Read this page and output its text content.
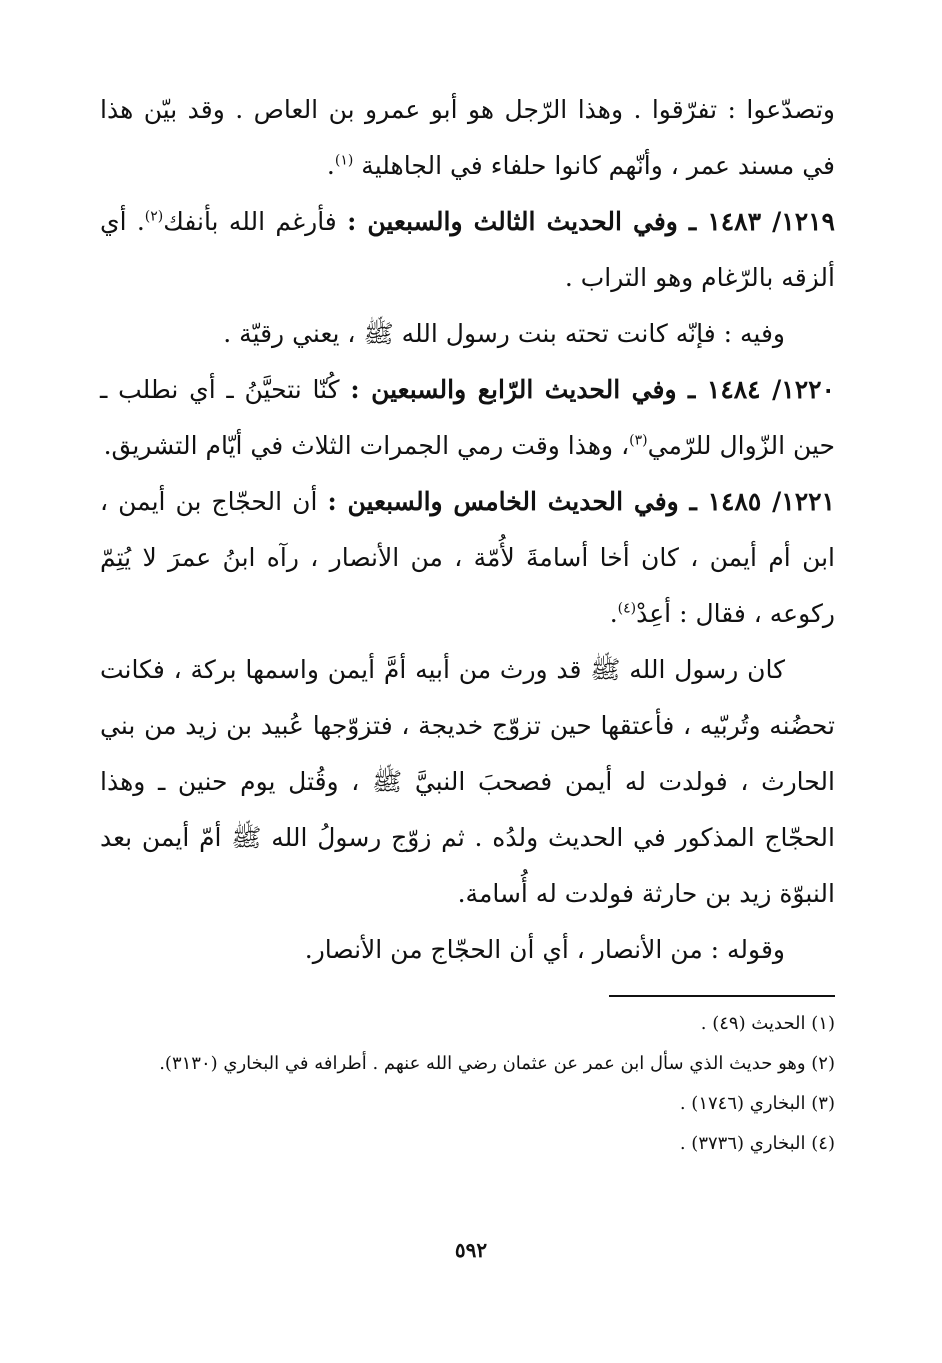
وتصدّعوا : تفرّقوا . وهذا الرّجل هو أبو عمرو بن العاص . وقد بيّن هذا في مسند عمر ، وأنّهم كانوا حلفاء في الجاهلية $^{(١)}$.

١٢١٩/ ١٤٨٣ ـ وفي الحديث الثالث والسبعين : فأرغم الله بأنفك$^{(٢)}$. أي ألزقه بالرّغام وهو التراب .

وفيه : فإنّه كانت تحته بنت رسول الله ﷺ ، يعني رقيّة .

١٢٢٠/ ١٤٨٤ ـ وفي الحديث الرّابع والسبعين : كُنّا نتحيَّنُ ـ أي نطلب ـ حين الزّوال للرّمي$^{(٣)}$، وهذا وقت رمي الجمرات الثلاث في أيّام التشريق.

١٢٢١/ ١٤٨٥ ـ وفي الحديث الخامس والسبعين : أن الحجّاج بن أيمن ، ابن أم أيمن ، كان أخا أسامةَ لأُمّة ، من الأنصار ، رآه ابنُ عمرَ لا يُتِمّ ركوعه ، فقال : أعِدْ$^{(٤)}$.

كان رسول الله ﷺ قد ورث من أبيه أمَّ أيمن واسمها بركة ، فكانت تحضُنه وتُربّيه ، فأعتقها حين تزوّج خديجة ، فتزوّجها عُبيد بن زيد من بني الحارث ، فولدت له أيمن فصحبَ النبيَّ ﷺ ، وقُتل يوم حنين ـ وهذا الحجّاج المذكور في الحديث ولدُه . ثم زوّج رسولُ الله ﷺ أمّ أيمن بعد النبوّة زيد بن حارثة فولدت له أُسامة.

وقوله : من الأنصار ، أي أن الحجّاج من الأنصار.

(١) الحديث (٤٩) .

(٢) وهو حديث الذي سأل ابن عمر عن عثمان رضي الله عنهم . أطرافه في البخاري (٣١٣٠).

(٣) البخاري (١٧٤٦) .

(٤) البخاري (٣٧٣٦) .

٥٩٢
